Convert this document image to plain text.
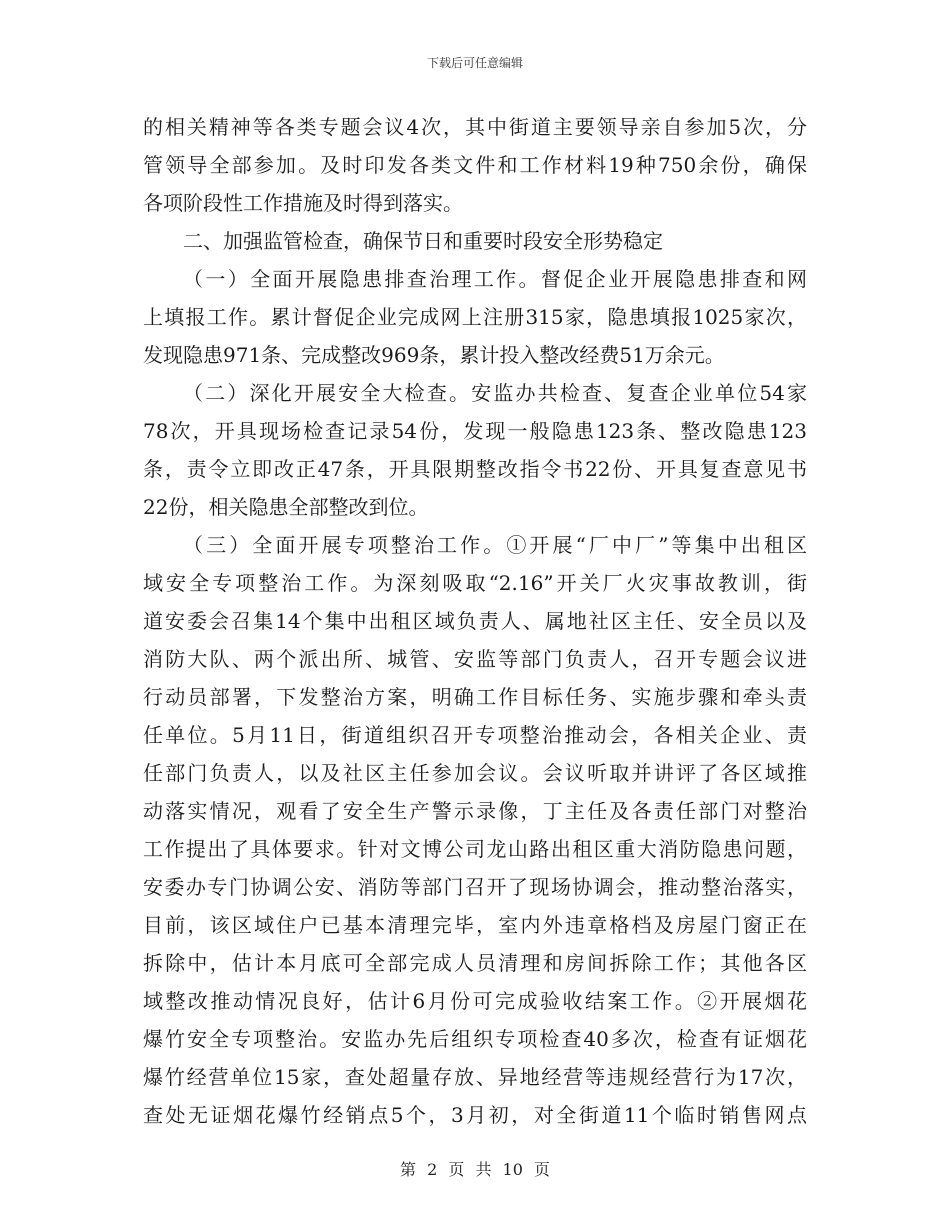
下载后可任意编辑
的相关精神等各类专题会议4次，其中街道主要领导亲自参加5次，分
管领导全部参加。及时印发各类文件和工作材料19种750余份，确保
各项阶段性工作措施及时得到落实。
二、加强监管检查，确保节日和重要时段安全形势稳定
（一）全面开展隐患排查治理工作。督促企业开展隐患排查和网
上填报工作。累计督促企业完成网上注册315家，隐患填报1025家次，
发现隐患971条、完成整改969条，累计投入整改经费51万余元。
（二）深化开展安全大检查。安监办共检查、复查企业单位54家
78次，开具现场检查记录54份，发现一般隐患123条、整改隐患123
条，责令立即改正47条，开具限期整改指令书22份、开具复查意见书
22份，相关隐患全部整改到位。
（三）全面开展专项整治工作。①开展“厂中厂”等集中出租区
域安全专项整治工作。为深刻吸取“2.16”开关厂火灾事故教训，街
道安委会召集14个集中出租区域负责人、属地社区主任、安全员以及
消防大队、两个派出所、城管、安监等部门负责人，召开专题会议进
行动员部署，下发整治方案，明确工作目标任务、实施步骤和牵头责
任单位。5月11日，街道组织召开专项整治推动会，各相关企业、责
任部门负责人，以及社区主任参加会议。会议听取并讲评了各区域推
动落实情况，观看了安全生产警示录像，丁主任及各责任部门对整治
工作提出了具体要求。针对文博公司龙山路出租区重大消防隐患问题，
安委办专门协调公安、消防等部门召开了现场协调会，推动整治落实，
目前，该区域住户已基本清理完毕，室内外违章格档及房屋门窗正在
拆除中，估计本月底可全部完成人员清理和房间拆除工作；其他各区
域整改推动情况良好，估计6月份可完成验收结案工作。②开展烟花
爆竹安全专项整治。安监办先后组织专项检查40多次，检查有证烟花
爆竹经营单位15家，查处超量存放、异地经营等违规经营行为17次，
查处无证烟花爆竹经销点5个，3月初，对全街道11个临时销售网点
第 2 页 共 10 页
